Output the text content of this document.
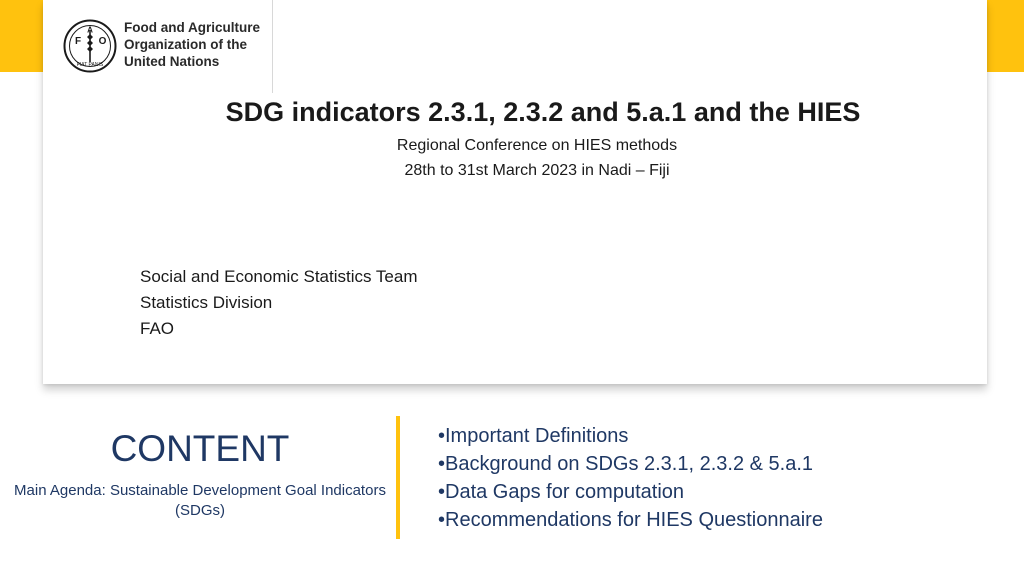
F
A
O
FIAT PANIS
Food and Agriculture
Organization of the
United Nations
SDG indicators 2.3.1, 2.3.2 and 5.a.1 and the HIES
Regional Conference on HIES methods
28th to 31st March 2023 in Nadi – Fiji
Social and Economic Statistics Team
Statistics Division
FAO
CONTENT
Main Agenda: Sustainable Development Goal Indicators (SDGs)
•Important Definitions
•Background on SDGs 2.3.1, 2.3.2 & 5.a.1
•Data Gaps for computation
•Recommendations for HIES Questionnaire
